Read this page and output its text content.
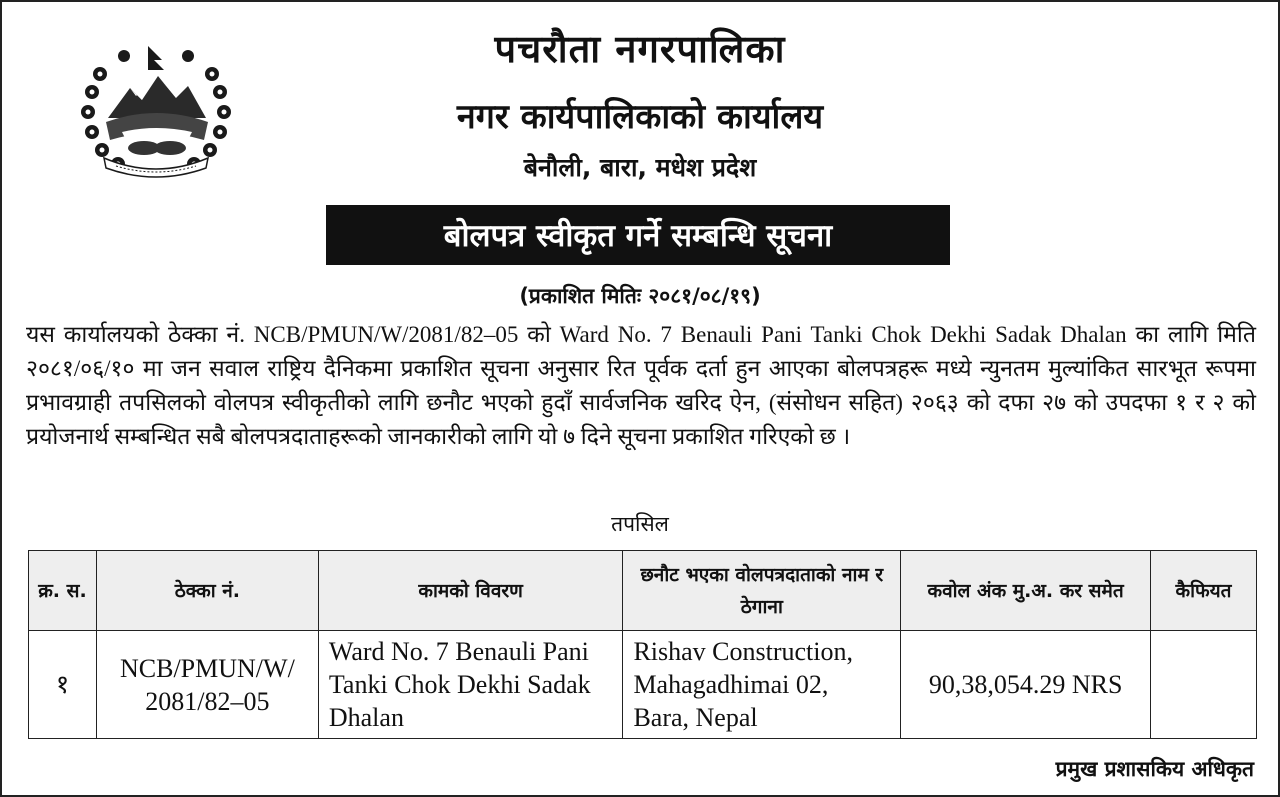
पचरौता नगरपालिका
नगर कार्यपालिकाको कार्यालय
बेनौली, बारा, मधेश प्रदेश
बोलपत्र स्वीकृत गर्ने सम्बन्धि सूचना
(प्रकाशित मितिः २०८१/०८/१९)
यस कार्यालयको ठेक्का नं. NCB/PMUN/W/2081/82–05 को Ward No. 7 Benauli Pani Tanki Chok Dekhi Sadak Dhalan का लागि मिति २०८१/०६/१० मा जन सवाल राष्ट्रिय दैनिकमा प्रकाशित सूचना अनुसार रित पूर्वक दर्ता हुन आएका बोलपत्रहरू मध्ये न्युनतम मुल्यांकित सारभूत रूपमा प्रभावग्राही तपसिलको वोलपत्र स्वीकृतीको लागि छनौट भएको हुदाँ सार्वजनिक खरिद ऐन, (संसोधन सहित) २०६३ को दफा २७ को उपदफा १ र २ को प्रयोजनार्थ सम्बन्धित सबै बोलपत्रदाताहरूको जानकारीको लागि यो ७ दिने सूचना प्रकाशित गरिएको छ ।
तपसिल
क्र. स.	ठेक्का नं.	कामको विवरण	छनौट भएका वोलपत्रदाताको नाम र ठेगाना	कवोल अंक मु.अ. कर समेत	कैफियत
१	NCB/PMUN/W/ 2081/82–05	Ward No. 7 Benauli Pani Tanki Chok Dekhi Sadak Dhalan	Rishav Construction, Mahagadhimai 02, Bara, Nepal	90,38,054.29 NRS	
प्रमुख प्रशासकिय अधिकृत
